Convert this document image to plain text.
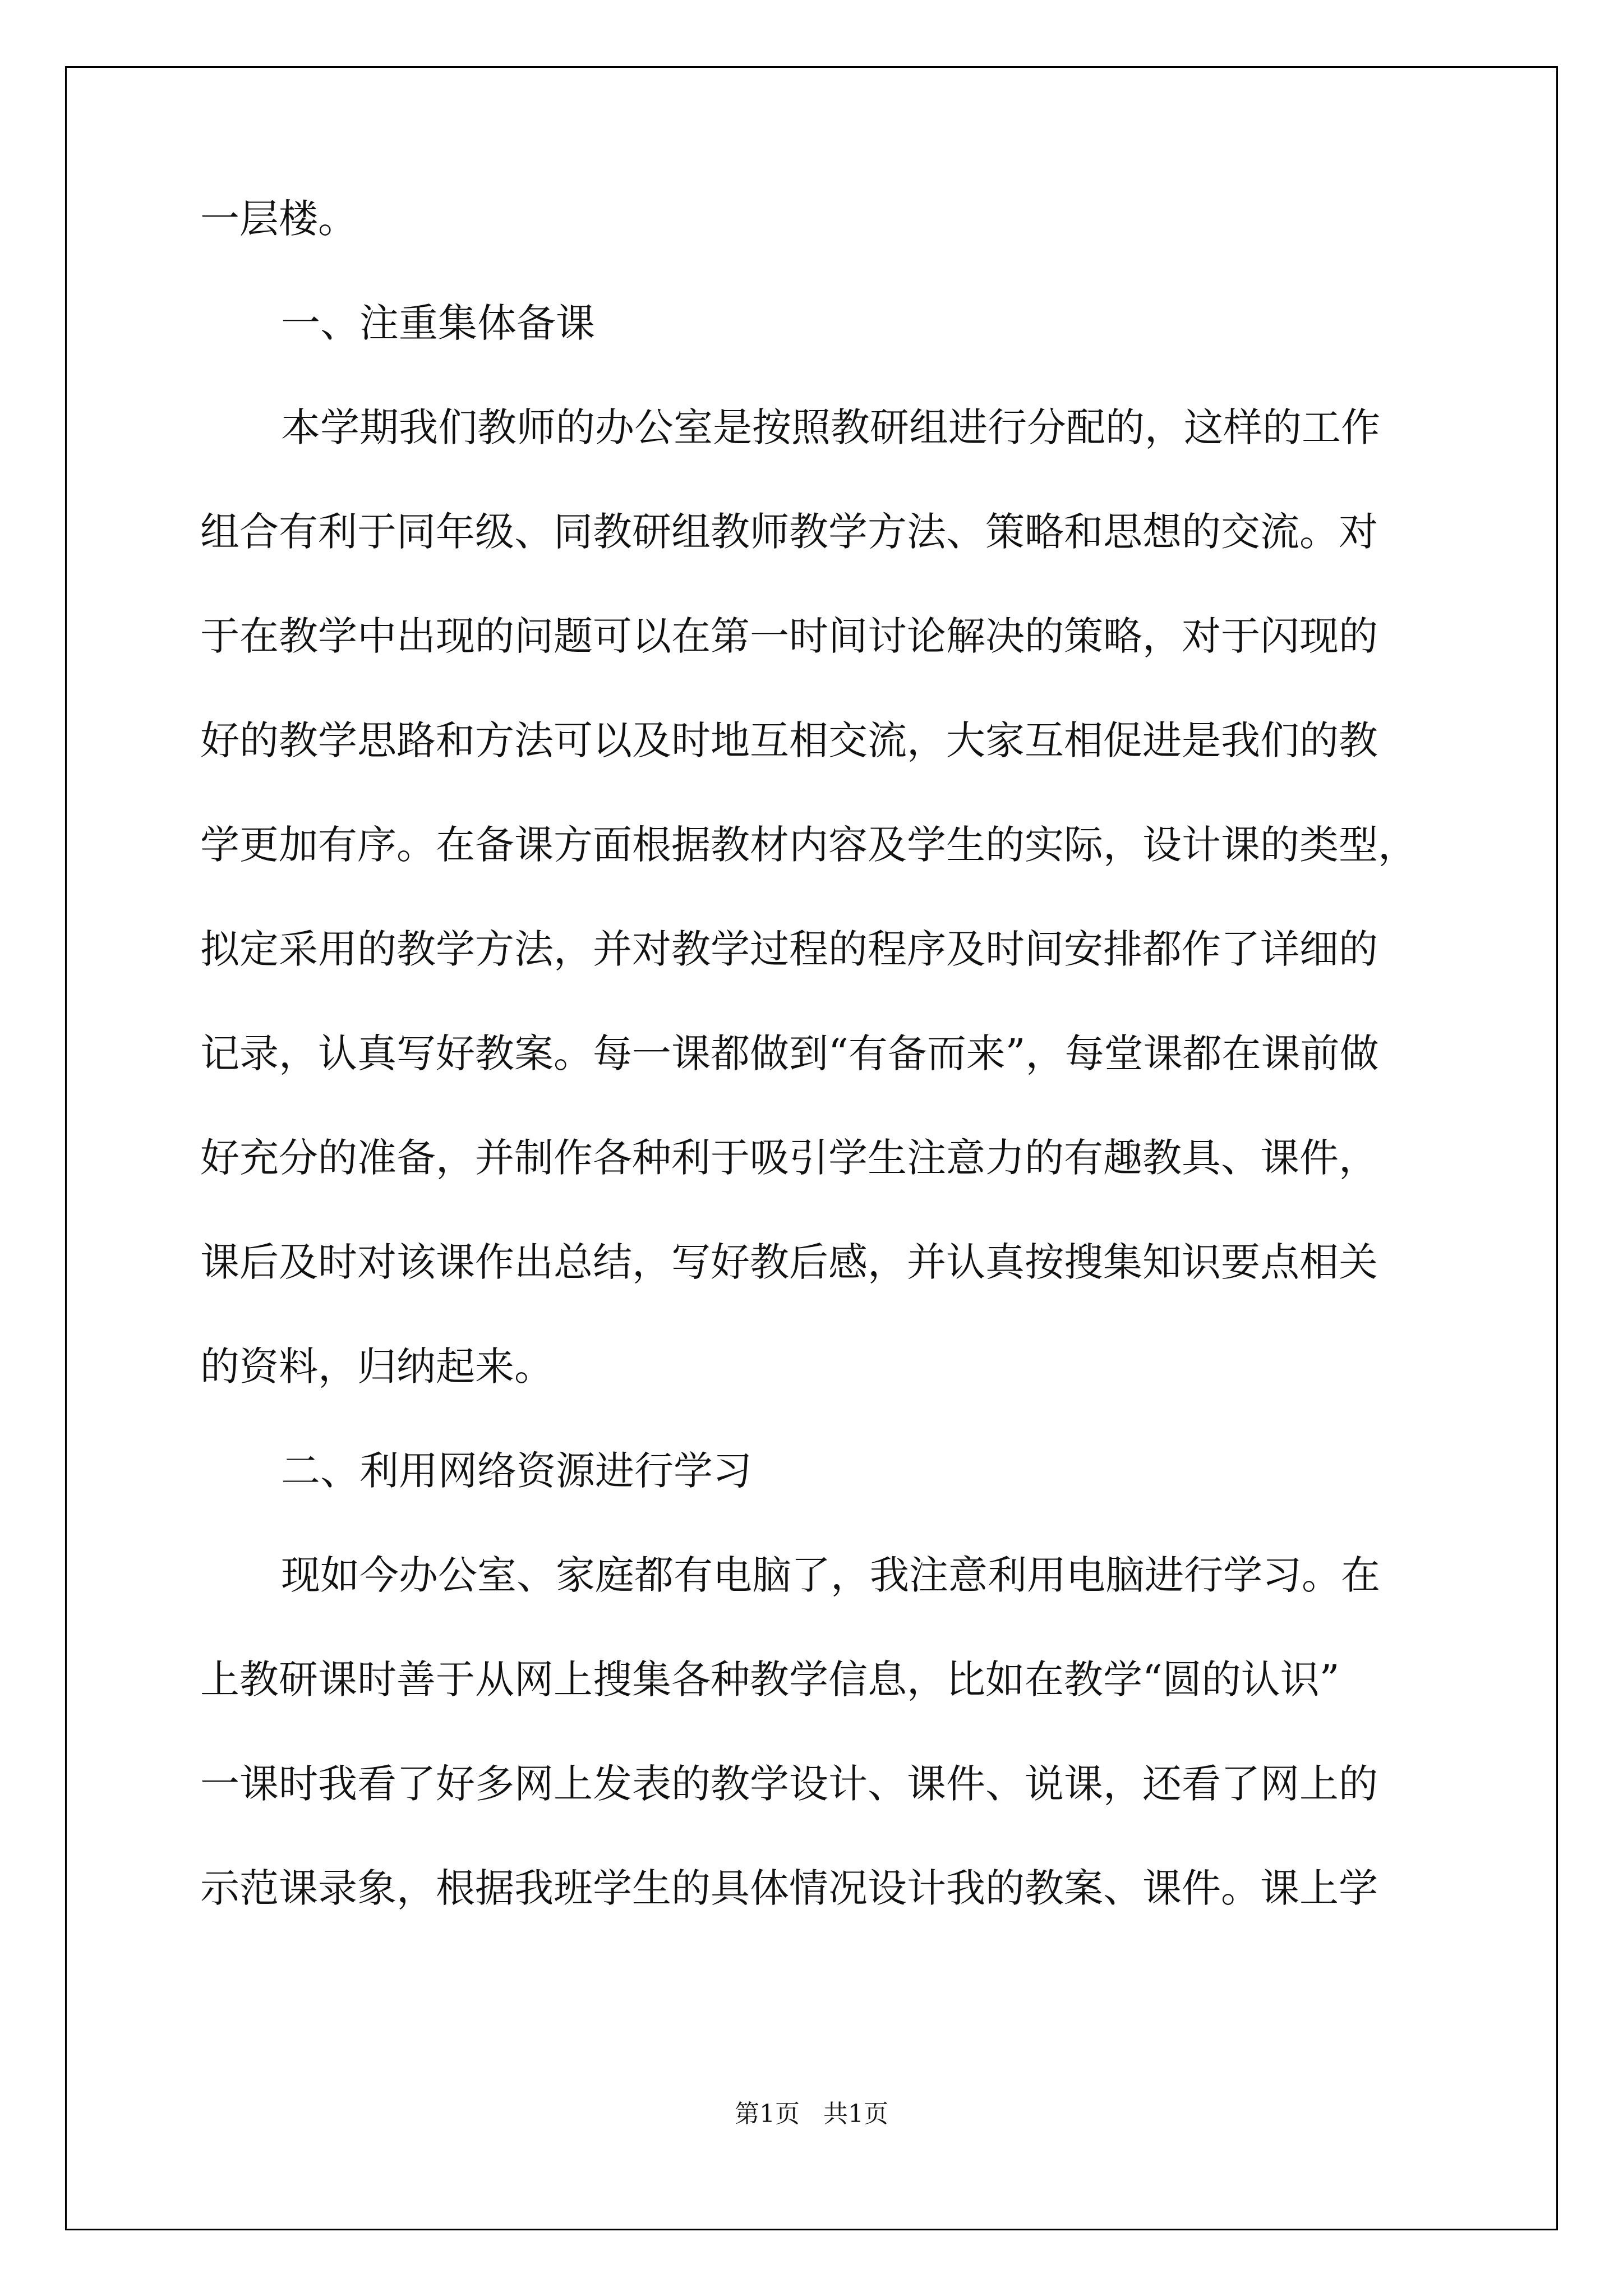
一层楼。
一、注重集体备课
本学期我们教师的办公室是按照教研组进行分配的，这样的工作
组合有利于同年级、同教研组教师教学方法、策略和思想的交流。对
于在教学中出现的问题可以在第一时间讨论解决的策略，对于闪现的
好的教学思路和方法可以及时地互相交流，大家互相促进是我们的教
学更加有序。在备课方面根据教材内容及学生的实际，设计课的类型，
拟定采用的教学方法，并对教学过程的程序及时间安排都作了详细的
记录，认真写好教案。每一课都做到“有备而来”，每堂课都在课前做
好充分的准备，并制作各种利于吸引学生注意力的有趣教具、课件，
课后及时对该课作出总结，写好教后感，并认真按搜集知识要点相关
的资料，归纳起来。
二、利用网络资源进行学习
现如今办公室、家庭都有电脑了，我注意利用电脑进行学习。在
上教研课时善于从网上搜集各种教学信息，比如在教学“圆的认识”
一课时我看了好多网上发表的教学设计、课件、说课，还看了网上的
示范课录象，根据我班学生的具体情况设计我的教案、课件。课上学
第1页   共1页
